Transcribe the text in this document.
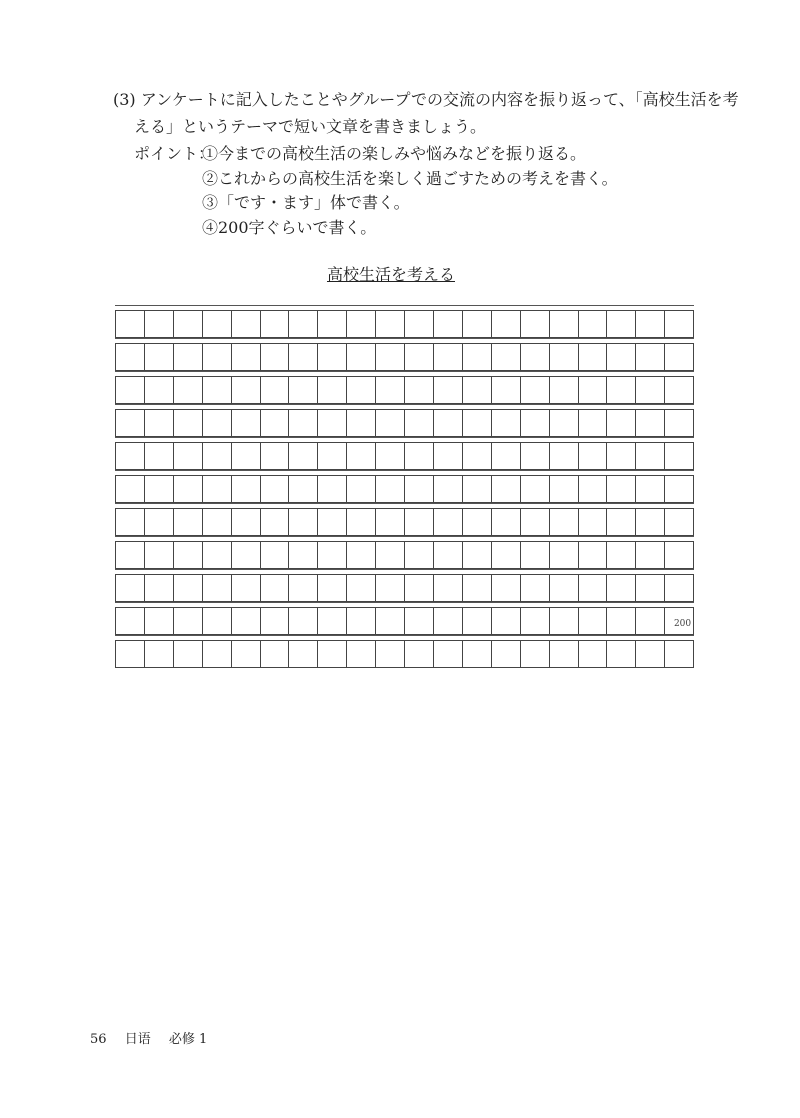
(3) アンケートに記入したことやグループでの交流の内容を振り返って、「高校生活を考
える」というテーマで短い文章を書きましょう。
ポイント：
①今までの高校生活の楽しみや悩みなどを振り返る。
②これからの高校生活を楽しく過ごすための考えを書く。
③「です・ます」体で書く。
④200字ぐらいで書く。
高校生活を考える
200
56 日语 必修 1
